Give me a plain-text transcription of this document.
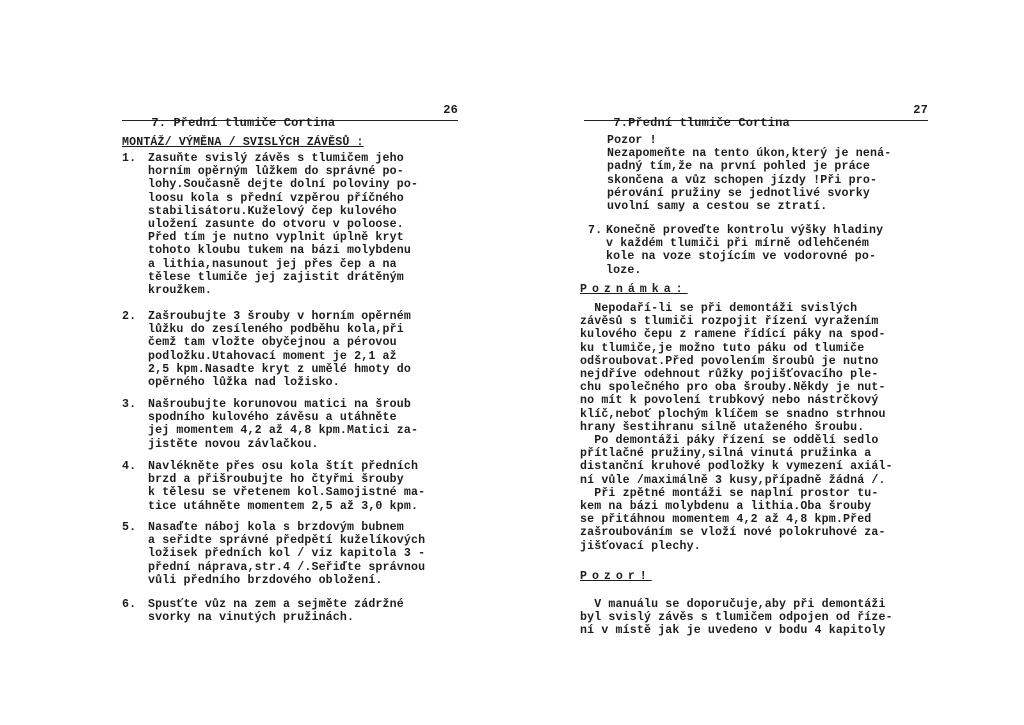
7. Přední tlumiče Cortina

26

MONTÁŽ/ VÝMĚNA / SVISLÝCH ZÁVĚSŮ :
1. Zasuňte svislý závěs s tlumičem jeho
horním opěrným lůžkem do správné po-
lohy.Současně dejte dolní poloviny po-
loosu kola s přední vzpěrou příčného
stabilisátoru.Kuželový čep kulového
uložení zasunte do otvoru v poloose.
Před tím je nutno vyplnit úplně kryt
tohoto kloubu tukem na bázi molybdenu
a lithia,nasunout jej přes čep a na
tělese tlumiče jej zajistit drátěným
kroužkem.
2. Zašroubujte 3 šrouby v horním opěrném
lůžku do zesíleného podběhu kola,při
čemž tam vložte obyčejnou a pérovou
podložku.Utahovací moment je 2,1 až
2,5 kpm.Nasadte kryt z umělé hmoty do
opěrného lůžka nad ložisko.
3. Našroubujte korunovou matici na šroub
spodního kulového závěsu a utáhněte
jej momentem 4,2 až 4,8 kpm.Matici za-
jistěte novou závlačkou.
4. Navlékněte přes osu kola štít předních
brzd a přišroubujte ho čtyřmi šrouby
k tělesu se vřetenem kol.Samojistné ma-
tice utáhněte momentem 2,5 až 3,0 kpm.
5. Nasaďte náboj kola s brzdovým bubnem
a seřidte správné předpětí kuželíkových
ložisek předních kol / viz kapitola 3 -
přední náprava,str.4 /.Seřiďte správnou
vůli předního brzdového obložení.
6. Spusťte vůz na zem a sejměte zádržné
svorky na vinutých pružinách.

7.Přední tlumiče Cortina

27

Pozor !
Nezapomeňte na tento úkon,který je nená-
padný tím,že na první pohled je práce
skončena a vůz schopen jízdy !Při pro-
pérování pružiny se jednotlivé svorky
uvolní samy a cestou se ztratí.
7. Konečně proveďte kontrolu výšky hladiny
v každém tlumiči při mírně odlehčeném
kole na voze stojícím ve vodorovné po-
loze.
Poznámka:
Nepodaří-li se při demontáži svislých
závěsů s tlumiči rozpojit řízení vyražením
kulového čepu z ramene řídící páky na spod-
ku tlumiče,je možno tuto páku od tlumiče
odšroubovat.Před povolením šroubů je nutno
nejdříve odehnout růžky pojišťovacího ple-
chu společného pro oba šrouby.Někdy je nut-
no mít k povolení trubkový nebo nástrčkový
klíč,neboť plochým klíčem se snadno strhnou
hrany šestihranu silně utaženého šroubu.
Po demontáži páky řízení se oddělí sedlo
přítlačné pružiny,silná vinutá pružinka a
distanční kruhové podložky k vymezení axiál-
ní vůle /maximálně 3 kusy,případně žádná /.
Při zpětné montáži se naplní prostor tu-
kem na bázi molybdenu a lithia.Oba šrouby
se přitáhnou momentem 4,2 až 4,8 kpm.Před
zašroubováním se vloží nové polokruhové za-
jišťovací plechy.
Pozor!
V manuálu se doporučuje,aby při demontáži
byl svislý závěs s tlumičem odpojen od říze-
ní v místě jak je uvedeno v bodu 4 kapitoly
